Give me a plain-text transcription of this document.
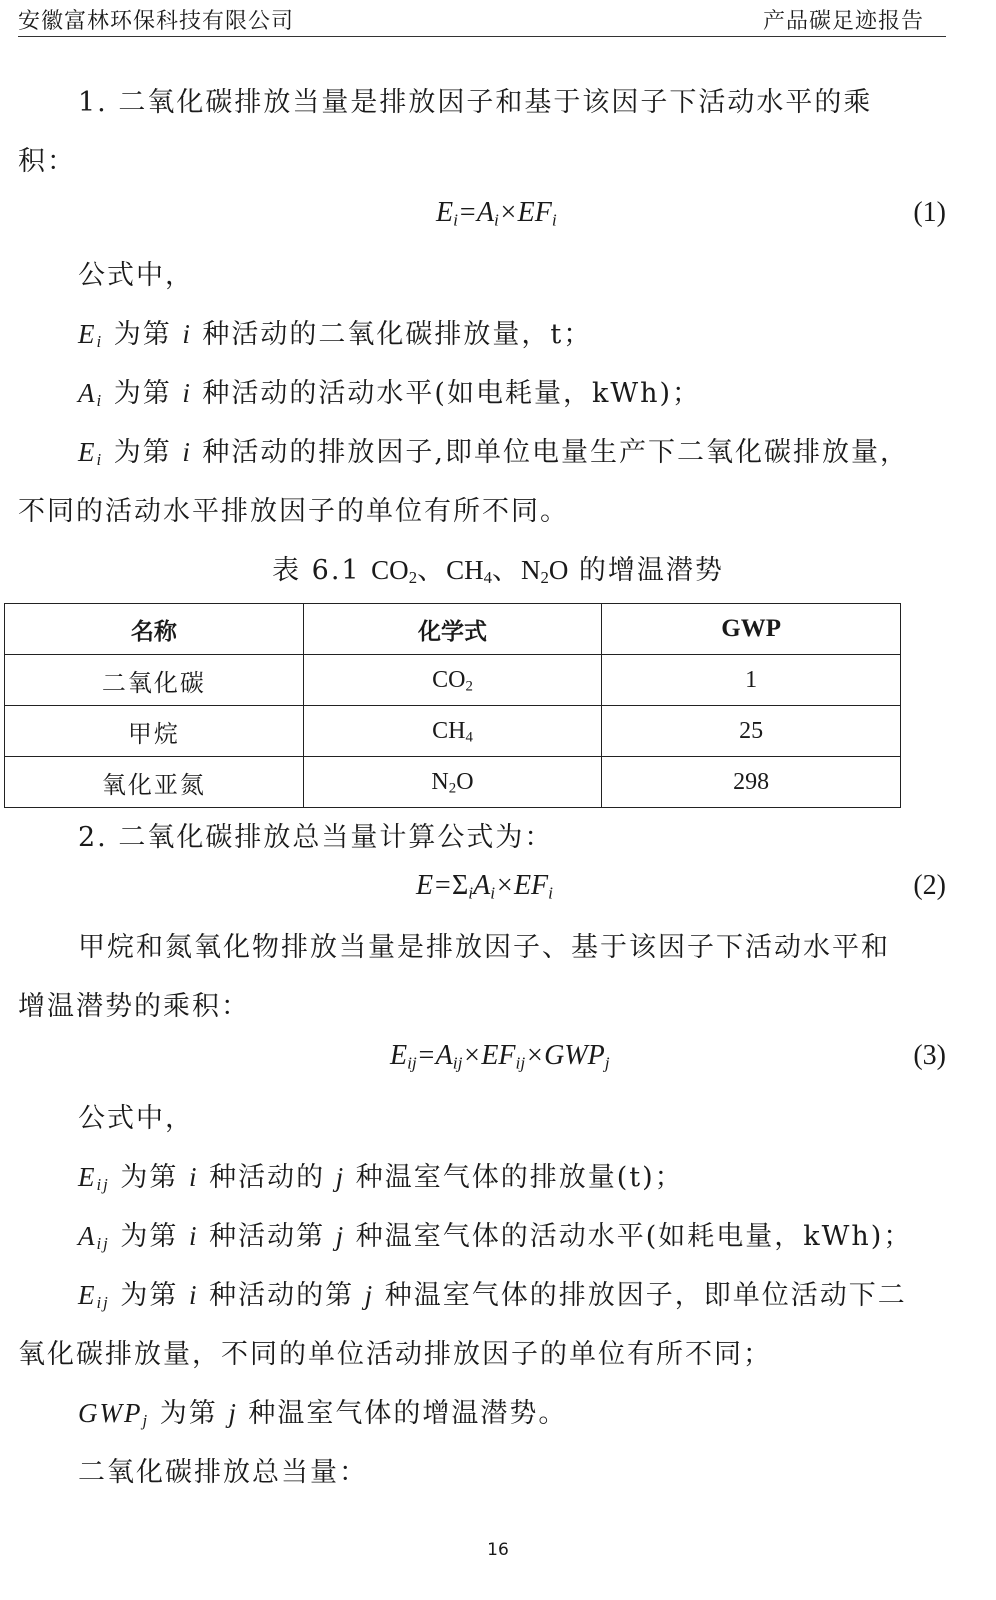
安徽富林环保科技有限公司	产品碳足迹报告
1. 二氧化碳排放当量是排放因子和基于该因子下活动水平的乘
积：
$E_i=A_i\times EF_i$	(1)
公式中，
$E_i$ 为第 i 种活动的二氧化碳排放量，t；
$A_i$ 为第 i 种活动的活动水平(如电耗量，kWh)；
$E_i$ 为第 i 种活动的排放因子,即单位电量生产下二氧化碳排放量，
不同的活动水平排放因子的单位有所不同。
表 6.1 $CO_2$、$CH_4$、$N_2O$ 的增温潜势
名称	化学式	GWP
二氧化碳	$CO_2$	1
甲烷	$CH_4$	25
氧化亚氮	$N_2O$	298
2. 二氧化碳排放总当量计算公式为：
$E=\Sigma_iA_i\times EF_i$	(2)
甲烷和氮氧化物排放当量是排放因子、基于该因子下活动水平和
增温潜势的乘积：
$E_{ij}=A_{ij}\times EF_{ij}\times GWP_j$	(3)
公式中，
$E_{ij}$ 为第 i 种活动的 j 种温室气体的排放量(t)；
$A_{ij}$ 为第 i 种活动第 j 种温室气体的活动水平(如耗电量，kWh)；
$E_{ij}$ 为第 i 种活动的第 j 种温室气体的排放因子，即单位活动下二
氧化碳排放量，不同的单位活动排放因子的单位有所不同；
$GWP_j$ 为第 j 种温室气体的增温潜势。
二氧化碳排放总当量：
16
